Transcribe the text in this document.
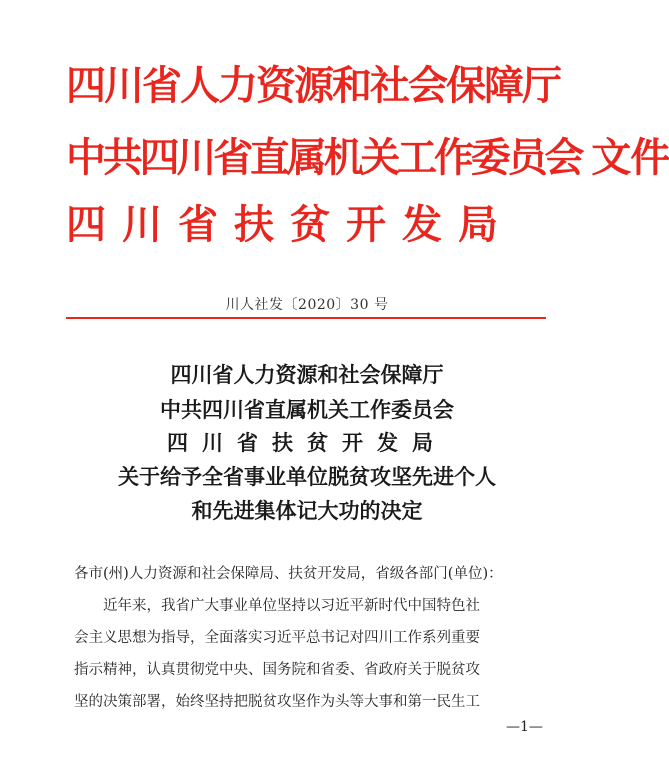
四川省人力资源和社会保障厅
中共四川省直属机关工作委员会 文件
四川省扶贫开发局
川人社发〔2020〕30 号
四川省人力资源和社会保障厅
中共四川省直属机关工作委员会
四川省扶贫开发局
关于给予全省事业单位脱贫攻坚先进个人
和先进集体记大功的决定
各市(州)人力资源和社会保障局、扶贫开发局，省级各部门(单位)：
近年来，我省广大事业单位坚持以习近平新时代中国特色社
会主义思想为指导，全面落实习近平总书记对四川工作系列重要
指示精神，认真贯彻党中央、国务院和省委、省政府关于脱贫攻
坚的决策部署，始终坚持把脱贫攻坚作为头等大事和第一民生工
—1—
